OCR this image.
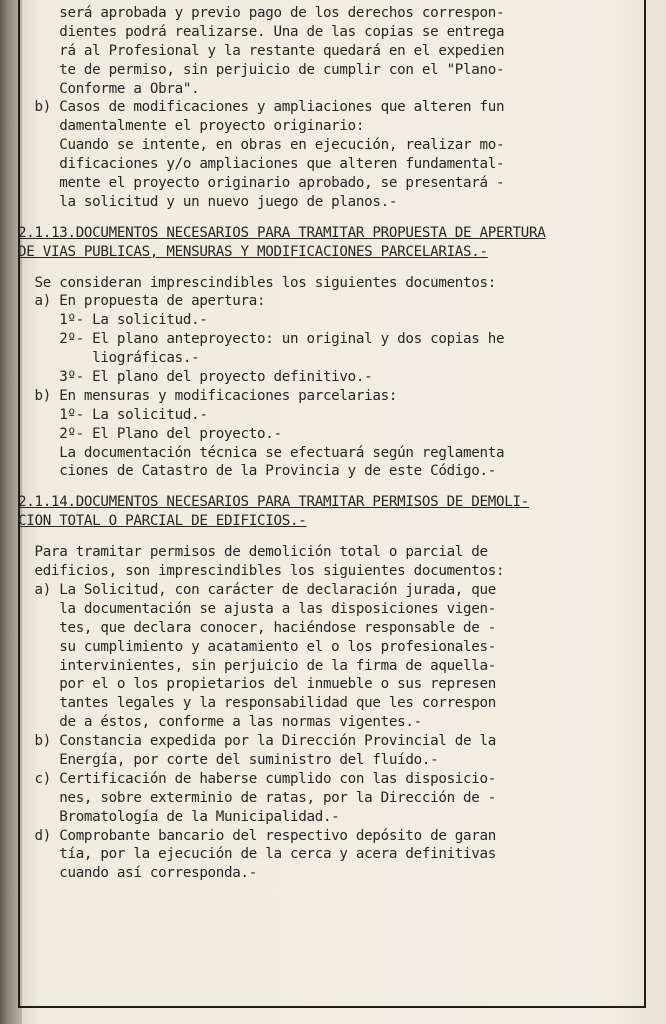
será aprobada y previo pago de los derechos correspon-
dientes podrá realizarse. Una de las copias se entrega
rá al Profesional y la restante quedará en el expedien
te de permiso, sin perjuicio de cumplir con el "Plano-
Conforme a Obra".
b) Casos de modificaciones y ampliaciones que alteren fun
damentalmente el proyecto originario:
Cuando se intente, en obras en ejecución, realizar mo-
dificaciones y/o ampliaciones que alteren fundamental-
mente el proyecto originario aprobado, se presentará -
la solicitud y un nuevo juego de planos.-
2.1.13.DOCUMENTOS NECESARIOS PARA TRAMITAR PROPUESTA DE APERTURA
DE VIAS PUBLICAS, MENSURAS Y MODIFICACIONES PARCELARIAS.-
Se consideran imprescindibles los siguientes documentos:
a) En propuesta de apertura:
1º- La solicitud.-
2º- El plano anteproyecto: un original y dos copias he
liográficas.-
3º- El plano del proyecto definitivo.-
b) En mensuras y modificaciones parcelarias:
1º- La solicitud.-
2º- El Plano del proyecto.-
La documentación técnica se efectuará según reglamenta
ciones de Catastro de la Provincia y de este Código.-
2.1.14.DOCUMENTOS NECESARIOS PARA TRAMITAR PERMISOS DE DEMOLI-
CION TOTAL O PARCIAL DE EDIFICIOS.-
Para tramitar permisos de demolición total o parcial de
edificios, son imprescindibles los siguientes documentos:
a) La Solicitud, con carácter de declaración jurada, que
la documentación se ajusta a las disposiciones vigen-
tes, que declara conocer, haciéndose responsable de -
su cumplimiento y acatamiento el o los profesionales-
intervinientes, sin perjuicio de la firma de aquella-
por el o los propietarios del inmueble o sus represen
tantes legales y la responsabilidad que les correspon
de a éstos, conforme a las normas vigentes.-
b) Constancia expedida por la Dirección Provincial de la
Energía, por corte del suministro del fluído.-
c) Certificación de haberse cumplido con las disposicio-
nes, sobre exterminio de ratas, por la Dirección de -
Bromatología de la Municipalidad.-
d) Comprobante bancario del respectivo depósito de garan
tía, por la ejecución de la cerca y acera definitivas
cuando así corresponda.-
